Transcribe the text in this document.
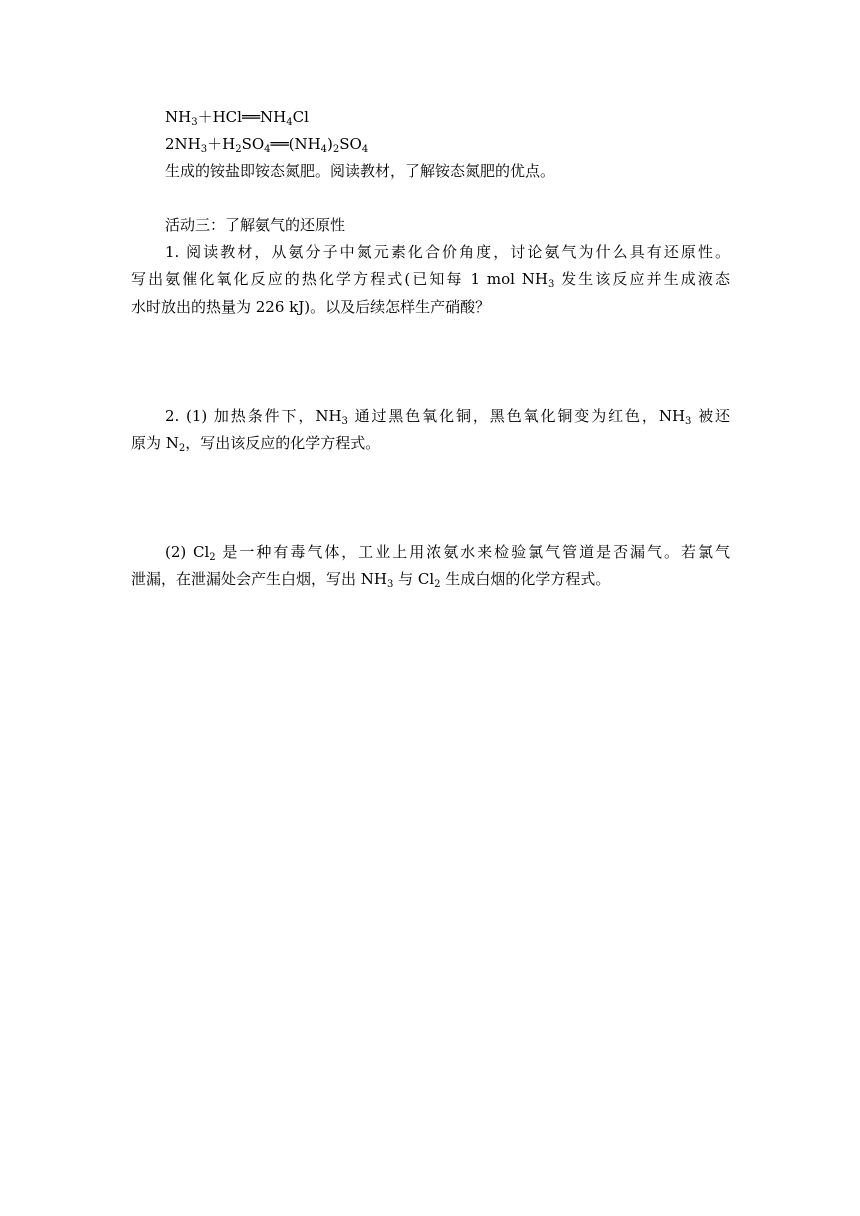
$NH_3+HCl══NH_4Cl$
$2NH_3+H_2SO_4══(NH_4)_2SO_4$
生成的铵盐即铵态氮肥。阅读教材，了解铵态氮肥的优点。
活动三：了解氨气的还原性
1. 阅读教材，从氨分子中氮元素化合价角度，讨论氨气为什么具有还原性。
写出氨催化氧化反应的热化学方程式(已知每 1 mol $NH_3$ 发生该反应并生成液态
水时放出的热量为 226 kJ)。以及后续怎样生产硝酸？
2. (1) 加热条件下，$NH_3$ 通过黑色氧化铜，黑色氧化铜变为红色，$NH_3$ 被还
原为 $N_2$，写出该反应的化学方程式。
(2) $Cl_2$ 是一种有毒气体，工业上用浓氨水来检验氯气管道是否漏气。若氯气
泄漏，在泄漏处会产生白烟，写出 $NH_3$ 与 $Cl_2$ 生成白烟的化学方程式。
